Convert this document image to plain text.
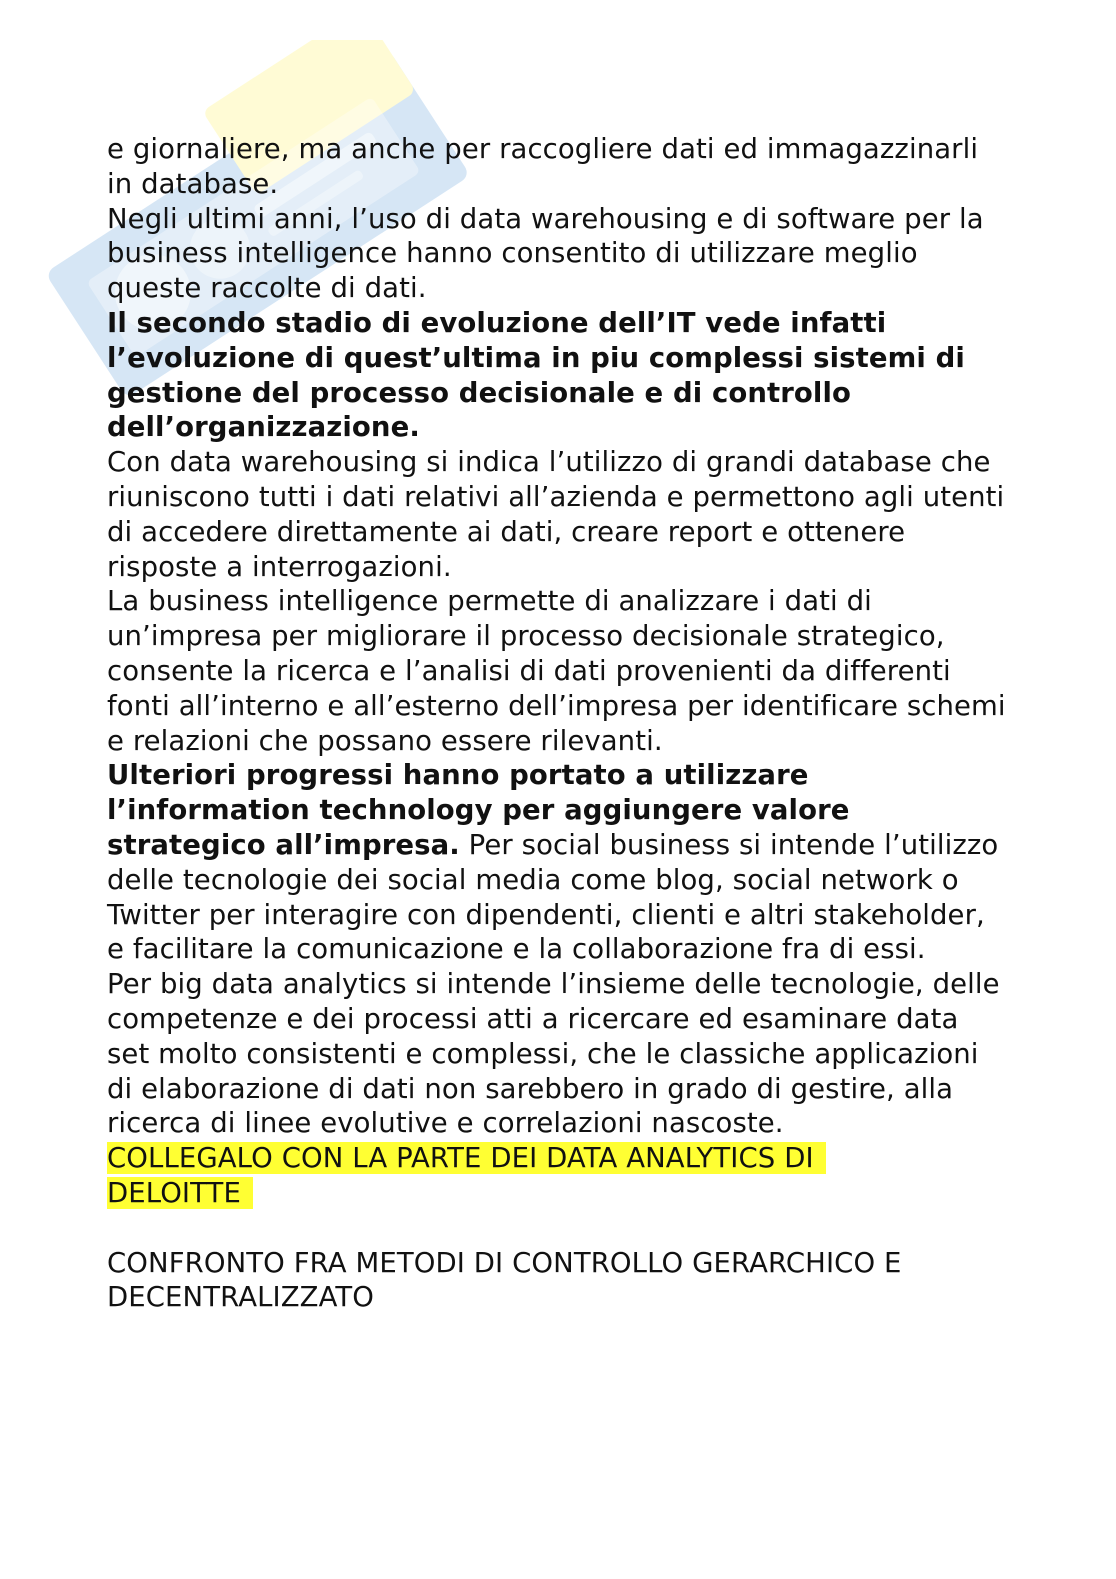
e giornaliere, ma anche per raccogliere dati ed immagazzinarli in database.

Negli ultimi anni, l’uso di data warehousing e di software per la business intelligence hanno consentito di utilizzare meglio queste raccolte di dati.

Il secondo stadio di evoluzione dell’IT vede infatti l’evoluzione di quest’ultima in piu complessi sistemi di gestione del processo decisionale e di controllo dell’organizzazione.

Con data warehousing si indica l’utilizzo di grandi database che riuniscono tutti i dati relativi all’azienda e permettono agli utenti di accedere direttamente ai dati, creare report e ottenere risposte a interrogazioni.

La business intelligence permette di analizzare i dati di un’impresa per migliorare il processo decisionale strategico, consente la ricerca e l’analisi di dati provenienti da differenti fonti all’interno e all’esterno dell’impresa per identificare schemi e relazioni che possano essere rilevanti.

Ulteriori progressi hanno portato a utilizzare l’information technology per aggiungere valore strategico all’impresa. Per social business si intende l’utilizzo delle tecnologie dei social media come blog, social network o Twitter per interagire con dipendenti, clienti e altri stakeholder, e facilitare la comunicazione e la collaborazione fra di essi.

Per big data analytics si intende l’insieme delle tecnologie, delle competenze e dei processi atti a ricercare ed esaminare data set molto consistenti e complessi, che le classiche applicazioni di elaborazione di dati non sarebbero in grado di gestire, alla ricerca di linee evolutive e correlazioni nascoste.

COLLEGALO CON LA PARTE DEI DATA ANALYTICS DI
DELOITTE

CONFRONTO FRA METODI DI CONTROLLO GERARCHICO E
DECENTRALIZZATO
